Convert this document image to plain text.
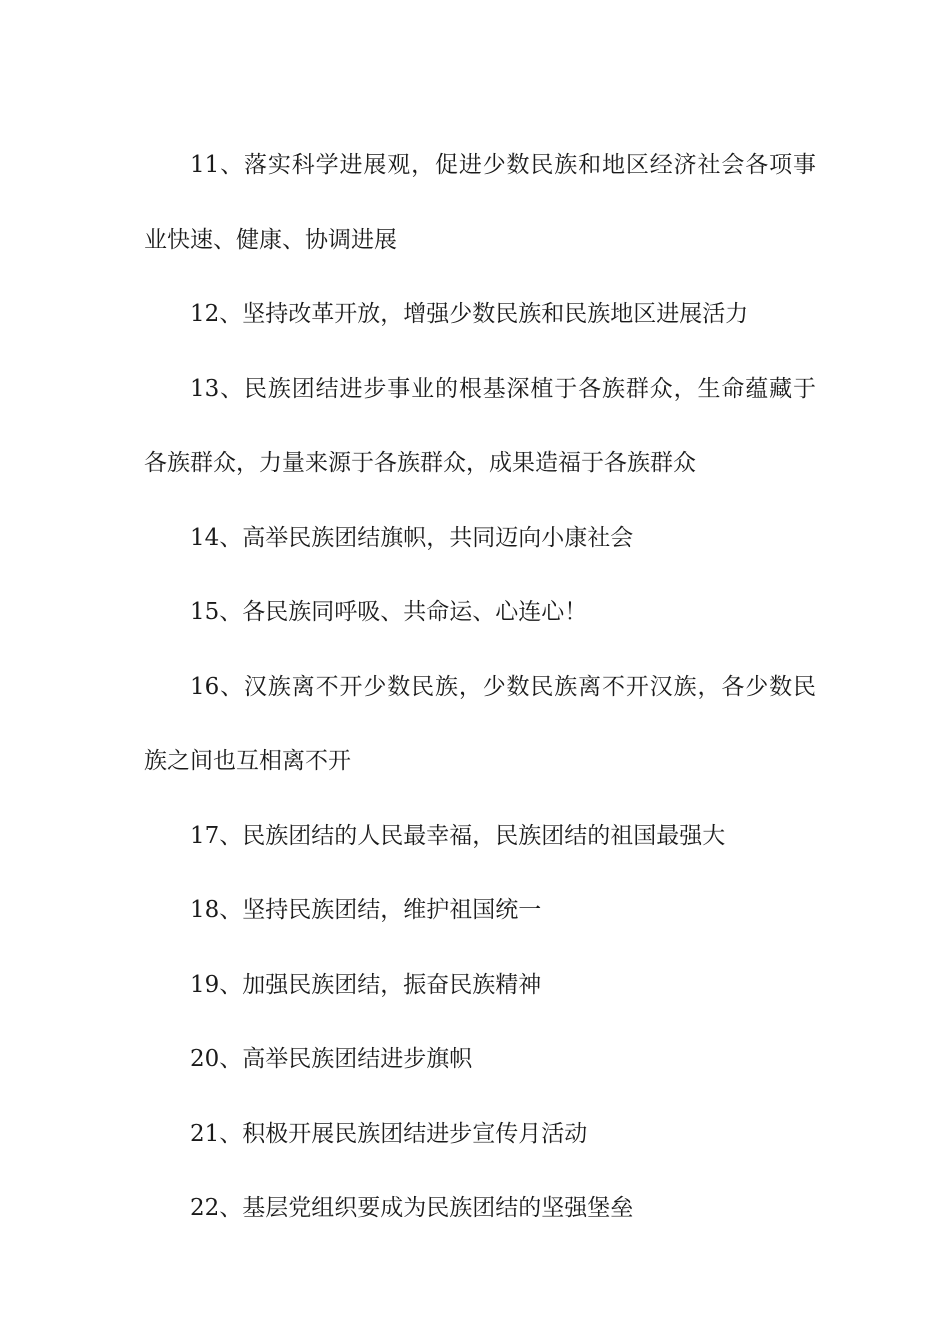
11、落实科学进展观，促进少数民族和地区经济社会各项事业快速、健康、协调进展

12、坚持改革开放，增强少数民族和民族地区进展活力

13、民族团结进步事业的根基深植于各族群众，生命蕴藏于各族群众，力量来源于各族群众，成果造福于各族群众

14、高举民族团结旗帜，共同迈向小康社会

15、各民族同呼吸、共命运、心连心！

16、汉族离不开少数民族，少数民族离不开汉族，各少数民族之间也互相离不开

17、民族团结的人民最幸福，民族团结的祖国最强大

18、坚持民族团结，维护祖国统一

19、加强民族团结，振奋民族精神

20、高举民族团结进步旗帜

21、积极开展民族团结进步宣传月活动

22、基层党组织要成为民族团结的坚强堡垒
